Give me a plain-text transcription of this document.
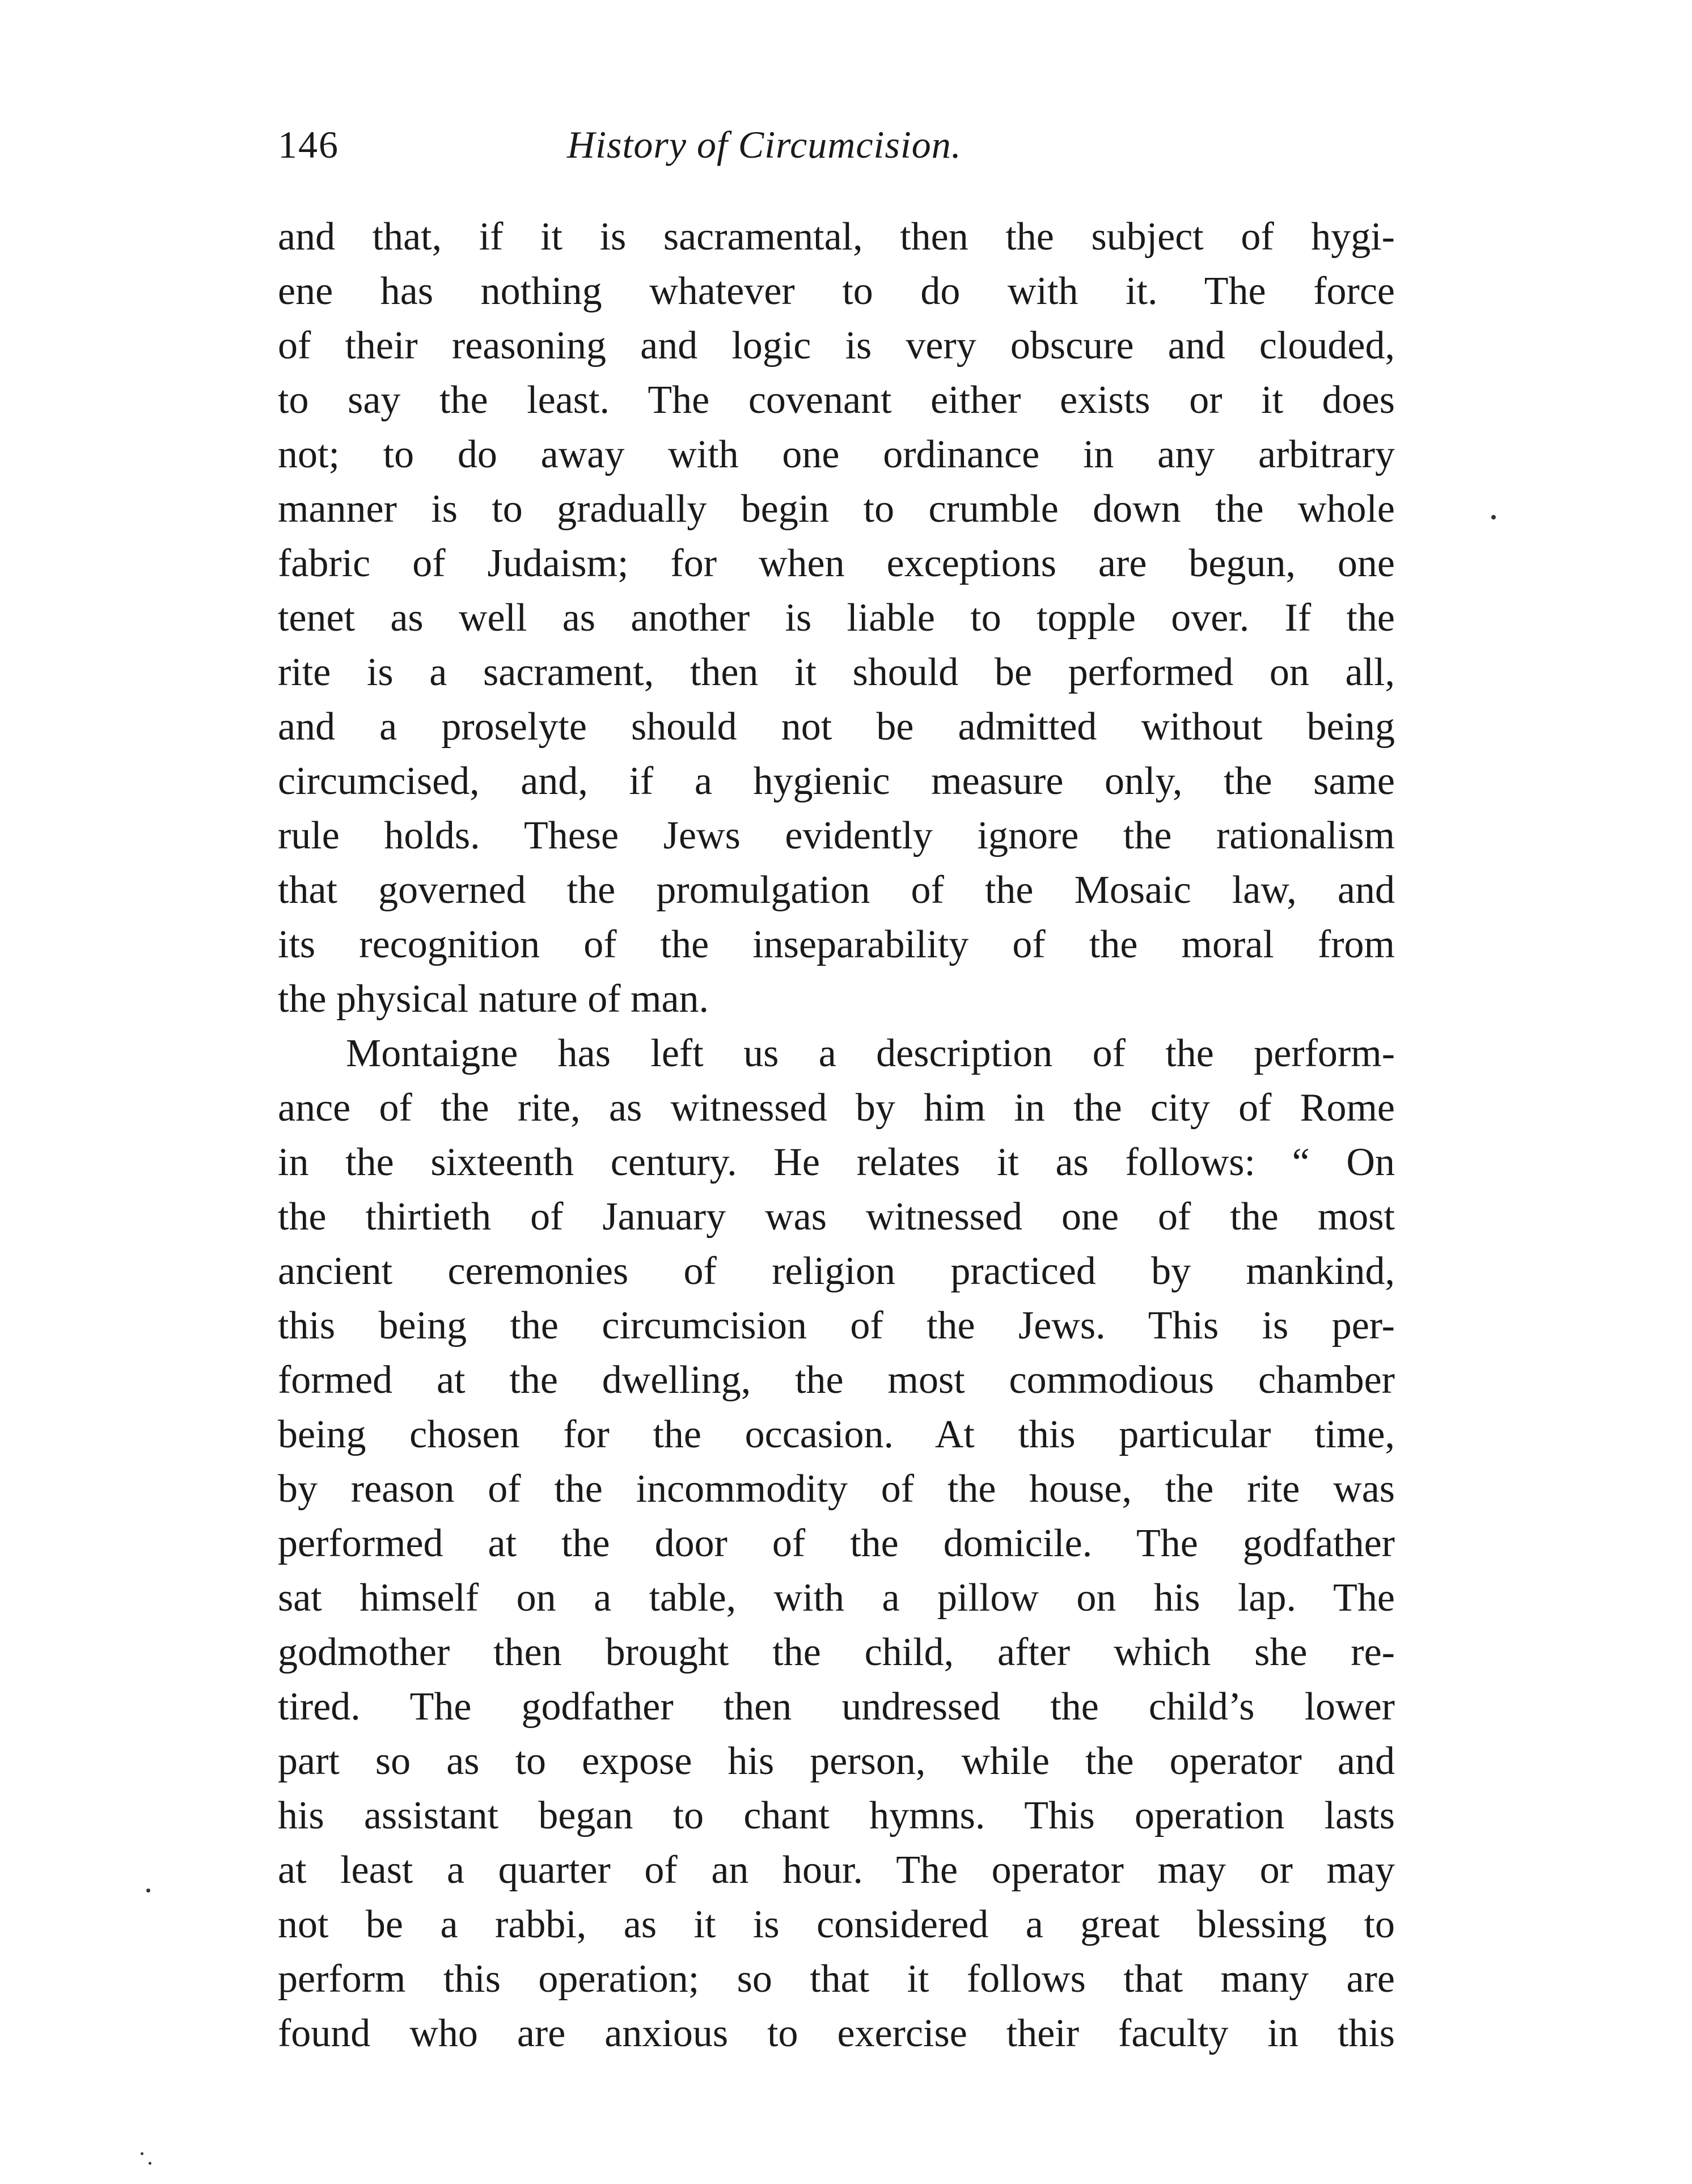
146	History of Circumcision.
and that, if it is sacramental, then the subject of hygi-
ene has nothing whatever to do with it. The force
of their reasoning and logic is very obscure and clouded,
to say the least. The covenant either exists or it does
not; to do away with one ordinance in any arbitrary
manner is to gradually begin to crumble down the whole
fabric of Judaism; for when exceptions are begun, one
tenet as well as another is liable to topple over. If the
rite is a sacrament, then it should be performed on all,
and a proselyte should not be admitted without being
circumcised, and, if a hygienic measure only, the same
rule holds. These Jews evidently ignore the rationalism
that governed the promulgation of the Mosaic law, and
its recognition of the inseparability of the moral from
the physical nature of man.
Montaigne has left us a description of the perform-
ance of the rite, as witnessed by him in the city of Rome
in the sixteenth century. He relates it as follows: “ On
the thirtieth of January was witnessed one of the most
ancient ceremonies of religion practiced by mankind,
this being the circumcision of the Jews. This is per-
formed at the dwelling, the most commodious chamber
being chosen for the occasion. At this particular time,
by reason of the incommodity of the house, the rite was
performed at the door of the domicile. The godfather
sat himself on a table, with a pillow on his lap. The
godmother then brought the child, after which she re-
tired. The godfather then undressed the child’s lower
part so as to expose his person, while the operator and
his assistant began to chant hymns. This operation lasts
at least a quarter of an hour. The operator may or may
not be a rabbi, as it is considered a great blessing to
perform this operation; so that it follows that many are
found who are anxious to exercise their faculty in this
